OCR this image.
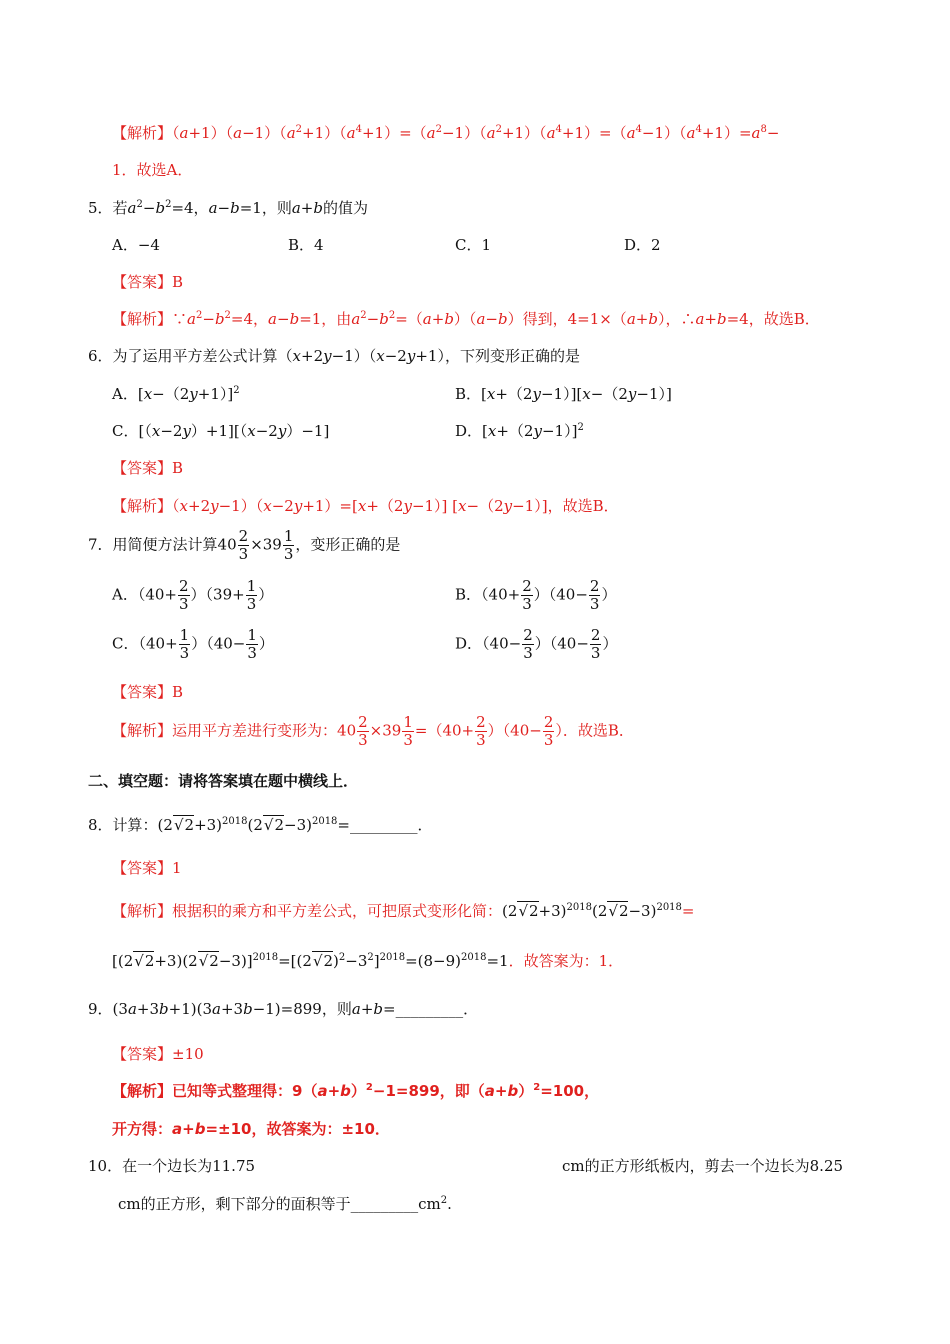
【解析】$(a+1)(a-1)(a^2+1)(a^4+1)=(a^2-1)(a^2+1)(a^4+1)=(a^4-1)(a^4+1)=a^8-$
1．故选A．
5．若$a^2-b^2=4$，a−b=1，则a+b的值为
A．−4	B．4	C．1	D．2
【答案】B
【解析】$\because a^2-b^2=4$，a−b=1，由$a^2-b^2=(a+b)(a-b)$得到，4=1×（a+b），∴a+b=4，故选B．
6．为了运用平方差公式计算（x+2y−1）（x−2y+1），下列变形正确的是
A．$[x-(2y+1)]^2$	B．[x+（2y−1）][x−（2y−1）]
C．[（x−2y）+1][（x−2y）−1]	D．$[x+(2y-1)]^2$
【答案】B
【解析】（x+2y−1）（x−2y+1）=[x+（2y−1）] [x−（2y−1）]，故选B．
7．用简便方法计算$40 \frac{2}{3} \times 39 \frac{1}{3}$ ，变形正确的是
A．$(40+ \frac{2}{3} )(39+ \frac{1}{3}$ ）	B．$(40+ \frac{2}{3} )(40- \frac{2}{3}$ ）
C．$(40+ \frac{1}{3} )(40- \frac{1}{3}$ ）	D．$(40- \frac{2}{3} )(40- \frac{2}{3}$ ）
【答案】B
【解析】运用平方差进行变形为：$40 \frac{2}{3} \times 39 \frac{1}{3} =(40+ \frac{2}{3} )(40- \frac{2}{3}$ ）．故选B．
二、填空题：请将答案填在题中横线上．
8．计算：$(2√2+3)^{2018}(2√2-3)^{2018}=\_\_\_\_\_\_\_\_\_$．
【答案】1
【解析】根据积的乘方和平方差公式，可把原式变形化简：$(2√2+3)^{2018}(2√2-3)^{2018}=$
$[(2√2+3)(2√2-3)]^{2018}=[(2√2)^2-3^2]^{2018}=(8-9)^{2018}=1$．故答案为：1．
9．(3a+3b+1)(3a+3b−1)=899，则a+b=_________．
【答案】±10
【解析】已知等式整理得：$9(a+b)^2-1=899$，即$(a+b)^2=100$，
开方得：a+b=±10，故答案为：±10．
10．在一个边长为11.75	cm的正方形纸板内，剪去一个边长为8.25
cm的正方形，剩下部分的面积等于$\_\_\_\_\_\_\_\_\_cm^2$.
